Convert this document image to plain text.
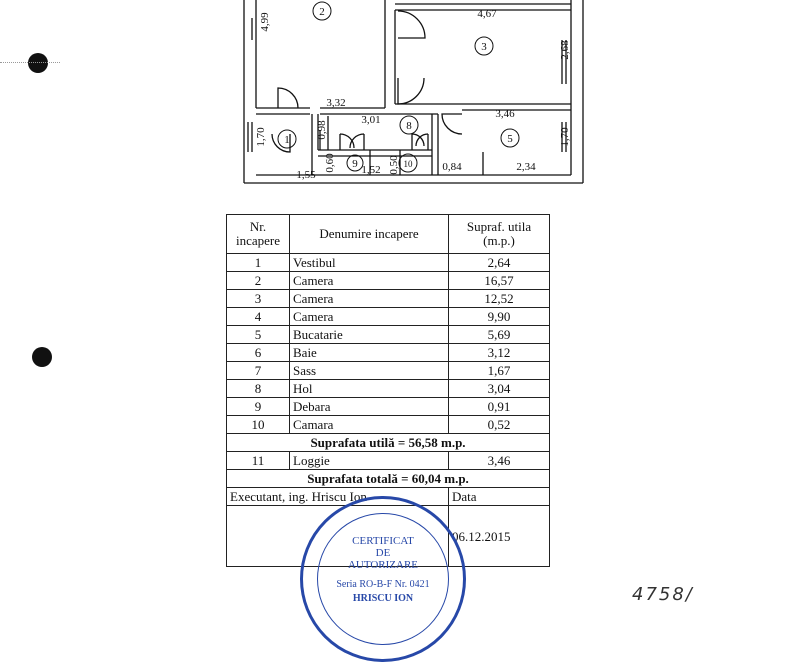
2
3
1
8
5
9	10
4,99	4,67
2,68
3,32
3,01	3,46
0,98
1,70	1,70
0,60	0,50	0,84	2,34
1,55	1,52
Nr. incapere	Denumire incapere	Supraf. utila (m.p.)
1	Vestibul	2,64
2	Camera	16,57
3	Camera	12,52
4	Camera	9,90
5	Bucatarie	5,69
6	Baie	3,12
7	Sass	1,67
8	Hol	3,04
9	Debara	0,91
10	Camara	0,52
Suprafata utilă = 56,58 m.p.		
11	Loggie	3,46
Suprafata totală = 60,04 m.p.		
Executant, ing. Hriscu Ion		Data
		06.12.2015
CERTIFICAT
DE
AUTORIZARE
Seria RO-B-F Nr. 0421
HRISCU ION	4758/
